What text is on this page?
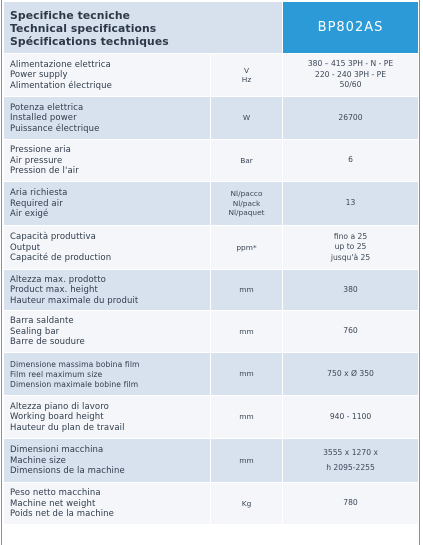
Specifiche tecniche
Technical specifications
Spécifications techniques		BP802AS

Alimentazione elettrica
Power supply
Alimentation électrique	V
Hz	380 – 415 3PH - N - PE
220 - 240 3PH - PE
50/60

Potenza elettrica
Installed power
Puissance électrique	W	26700

Pressione aria
Air pressure
Pression de l'air	Bar	6

Aria richiesta
Required air
Air exigé	Nl/pacco
Nl/pack
Nl/paquet	13

Capacità produttiva
Output
Capacité de production	ppm*	fino a 25
up to 25
jusqu'à 25

Altezza max. prodotto
Product max. height
Hauteur maximale du produit	mm	380

Barra saldante
Sealing bar
Barre de soudure	mm	760

Dimensione massima bobina film
Film reel maximum size
Dimension maximale bobine film	mm	750 x Ø 350

Altezza piano di lavoro
Working board height
Hauteur du plan de travail	mm	940 - 1100

Dimensioni macchina
Machine size
Dimensions de la machine	mm	3555 x 1270 x
h 2095-2255

Peso netto macchina
Machine net weight
Poids net de la machine	Kg	780
